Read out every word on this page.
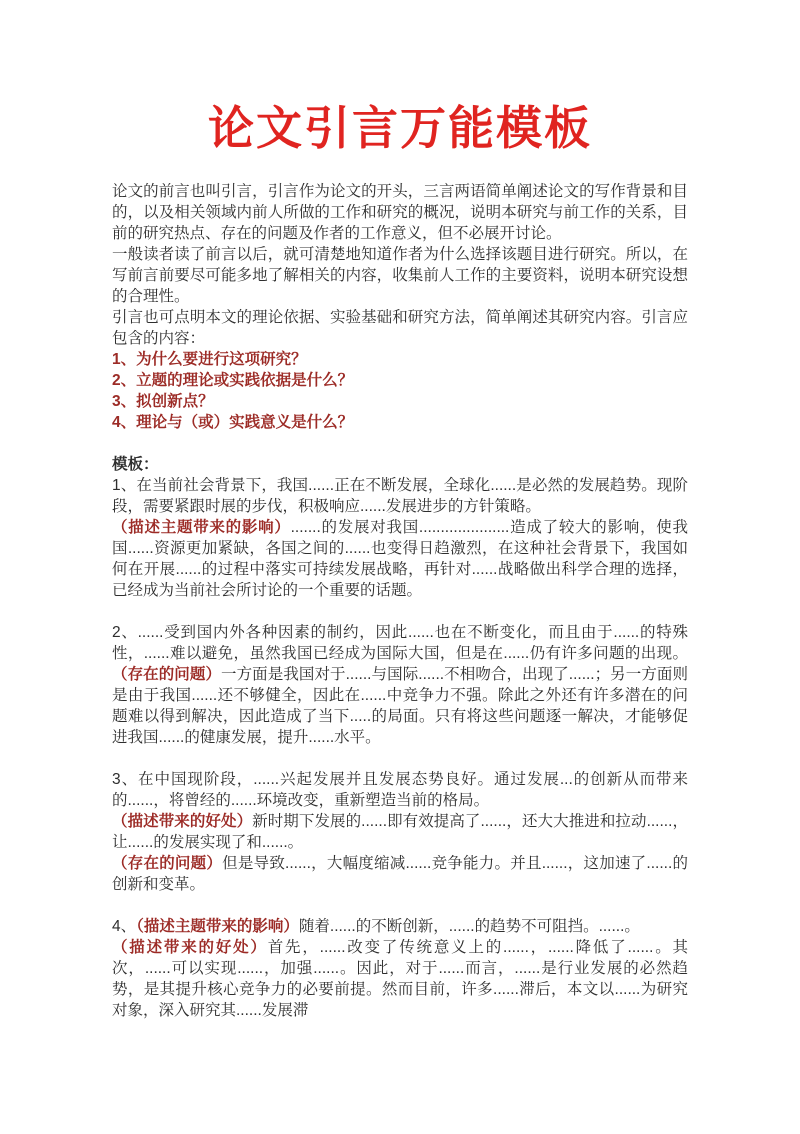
论文引言万能模板

论文的前言也叫引言，引言作为论文的开头，三言两语简单阐述论文的写作背景和目的，以及相关领域内前人所做的工作和研究的概况，说明本研究与前工作的关系，目前的研究热点、存在的问题及作者的工作意义，但不必展开讨论。

一般读者读了前言以后，就可清楚地知道作者为什么选择该题目进行研究。所以，在写前言前要尽可能多地了解相关的内容，收集前人工作的主要资料，说明本研究设想的合理性。

引言也可点明本文的理论依据、实验基础和研究方法，简单阐述其研究内容。引言应包含的内容：

1、为什么要进行这项研究？

2、立题的理论或实践依据是什么？

3、拟创新点？

4、理论与（或）实践意义是什么？

模板：

1、在当前社会背景下，我国......正在不断发展，全球化......是必然的发展趋势。现阶段，需要紧跟时展的步伐，积极响应......发展进步的方针策略。

（描述主题带来的影响）.......的发展对我国.....................造成了较大的影响，使我国......资源更加紧缺，各国之间的......也变得日趋激烈，在这种社会背景下，我国如何在开展......的过程中落实可持续发展战略，再针对......战略做出科学合理的选择，已经成为当前社会所讨论的一个重要的话题。

2、......受到国内外各种因素的制约，因此......也在不断变化，而且由于......的特殊性，......难以避免，虽然我国已经成为国际大国，但是在......仍有许多问题的出现。（存在的问题）一方面是我国对于......与国际......不相吻合，出现了......；另一方面则是由于我国......还不够健全，因此在......中竞争力不强。除此之外还有许多潜在的问题难以得到解决，因此造成了当下.....的局面。只有将这些问题逐一解决，才能够促进我国......的健康发展，提升......水平。

3、在中国现阶段，......兴起发展并且发展态势良好。通过发展...的创新从而带来的......，将曾经的......环境改变，重新塑造当前的格局。

（描述带来的好处）新时期下发展的......即有效提高了......，还大大推进和拉动......，让......的发展实现了和......。

（存在的问题）但是导致......，大幅度缩减......竞争能力。并且......，这加速了......的创新和变革。

4、（描述主题带来的影响）随着......的不断创新，......的趋势不可阻挡。......。

（描述带来的好处）首先，......改变了传统意义上的......，......降低了......。其次，......可以实现......，加强......。因此，对于......而言，......是行业发展的必然趋势，是其提升核心竞争力的必要前提。然而目前，许多......滞后，本文以......为研究对象，深入研究其......发展滞
